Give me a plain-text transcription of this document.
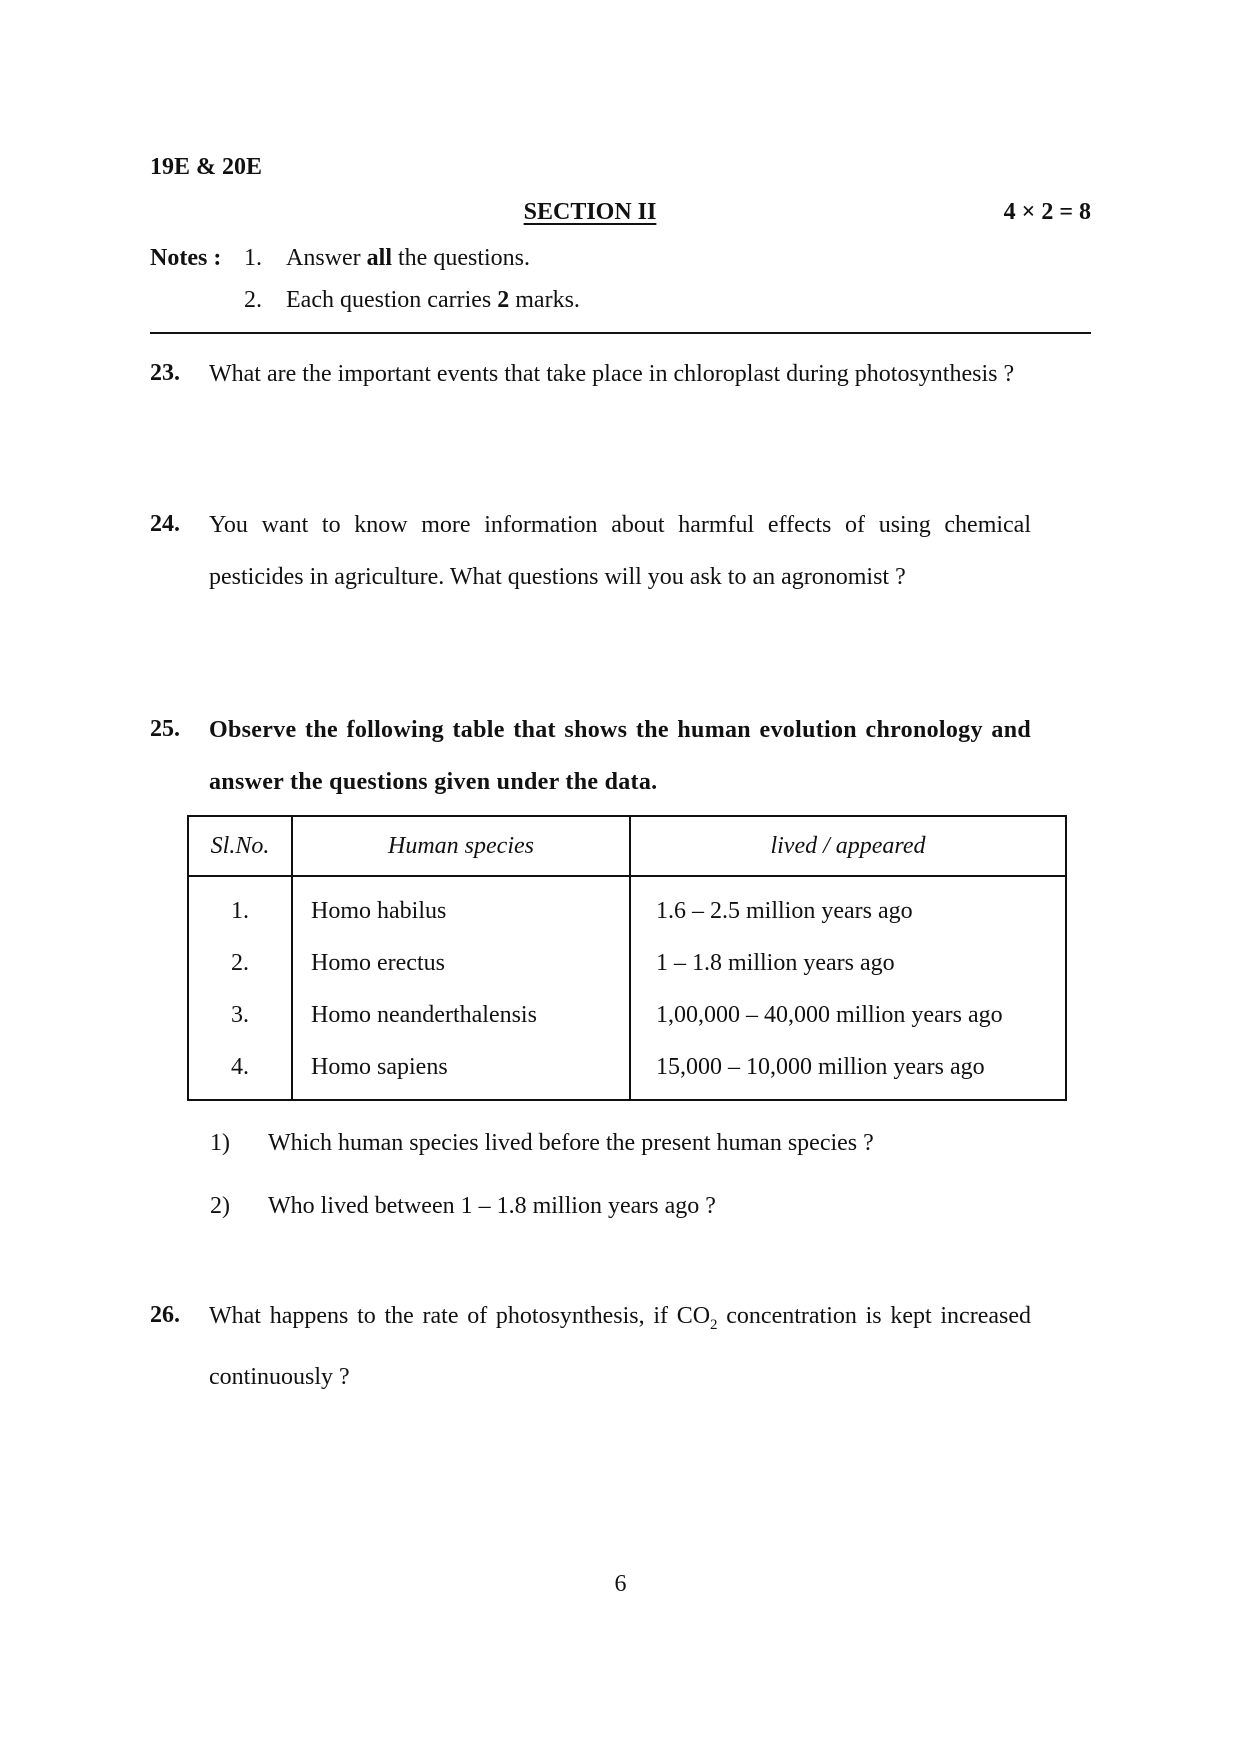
19E & 20E
SECTION II	4 × 2 = 8
Notes : 1. Answer all the questions.
2. Each question carries 2 marks.
23. What are the important events that take place in chloroplast during photosynthesis ?
24. You want to know more information about harmful effects of using chemical pesticides in agriculture. What questions will you ask to an agronomist ?
25. Observe the following table that shows the human evolution chronology and answer the questions given under the data.
Sl.No.	Human species	lived / appeared
1.	Homo habilus	1.6 – 2.5 million years ago
2.	Homo erectus	1 – 1.8 million years ago
3.	Homo neanderthalensis	1,00,000 – 40,000 million years ago
4.	Homo sapiens	15,000 – 10,000 million years ago
1) Which human species lived before the present human species ?
2) Who lived between 1 – 1.8 million years ago ?
26. What happens to the rate of photosynthesis, if $CO_2$ concentration is kept increased continuously ?
6
